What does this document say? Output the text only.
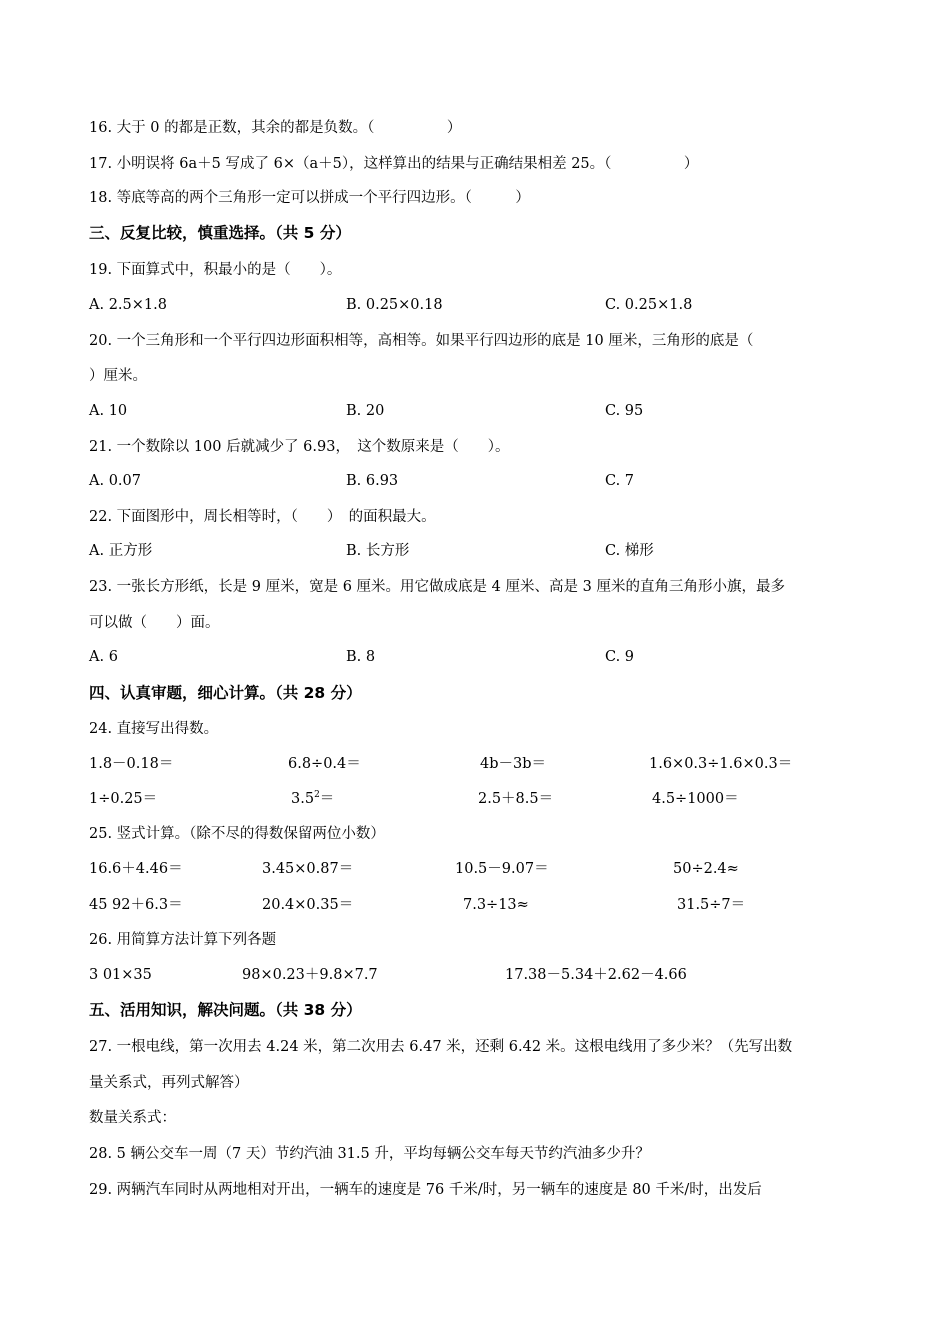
16. 大于 0 的都是正数，其余的都是负数。（　　　　　）
17. 小明误将 6a＋5 写成了 6×（a＋5），这样算出的结果与正确结果相差 25。（　　　　　）
18. 等底等高的两个三角形一定可以拼成一个平行四边形。（　　　）
三、反复比较，慎重选择。（共 5 分）
19. 下面算式中，积最小的是（　　）。
A. 2.5×1.8	B. 0.25×0.18	C. 0.25×1.8
20. 一个三角形和一个平行四边形面积相等，高相等。如果平行四边形的底是 10 厘米，三角形的底是（
）厘米。
A. 10	B. 20	C. 95
21. 一个数除以 100 后就减少了 6.93，　这个数原来是（　　）。
A. 0.07	B. 6.93	C. 7
22. 下面图形中，周长相等时，（　　）　的面积最大。
A. 正方形	B. 长方形	C. 梯形
23. 一张长方形纸，长是 9 厘米，宽是 6 厘米。用它做成底是 4 厘米、高是 3 厘米的直角三角形小旗，最多
可以做（　　）面。
A. 6	B. 8	C. 9
四、认真审题，细心计算。（共 28 分）
24. 直接写出得数。
1.8－0.18＝	6.8÷0.4＝	4b－3b＝	1.6×0.3÷1.6×0.3＝
1÷0.25＝	$3.5^2=$	2.5＋8.5＝	4.5÷1000＝
25. 竖式计算。（除不尽的得数保留两位小数）
16.6＋4.46＝	3.45×0.87＝	10.5－9.07＝	50÷2.4≈
45 92＋6.3＝	20.4×0.35＝	7.3÷13≈	31.5÷7＝
26. 用简算方法计算下列各题
3 01×35	98×0.23＋9.8×7.7	17.38－5.34＋2.62－4.66
五、活用知识，解决问题。（共 38 分）
27. 一根电线，第一次用去 4.24 米，第二次用去 6.47 米，还剩 6.42 米。这根电线用了多少米？（先写出数
量关系式，再列式解答）
数量关系式：
28. 5 辆公交车一周（7 天）节约汽油 31.5 升，平均每辆公交车每天节约汽油多少升？
29. 两辆汽车同时从两地相对开出，一辆车的速度是 76 千米/时，另一辆车的速度是 80 千米/时，出发后
